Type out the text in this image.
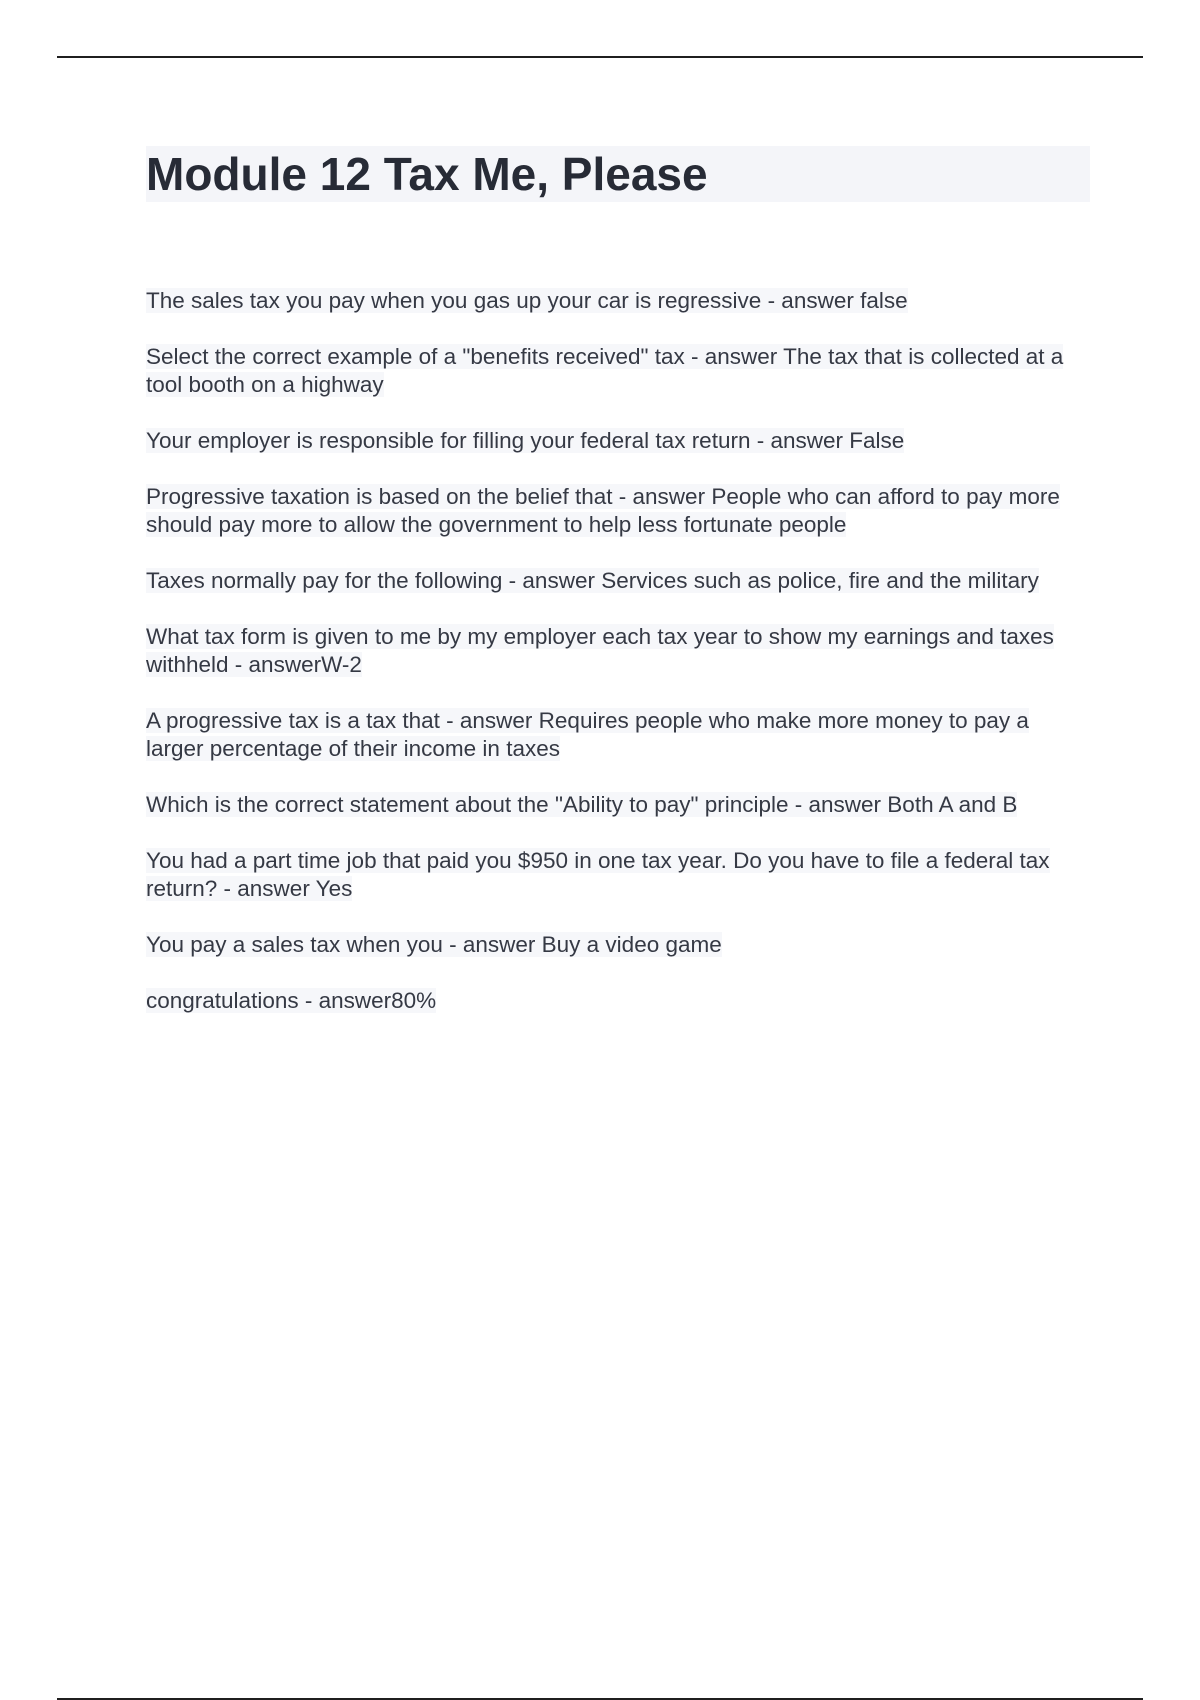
Module 12 Tax Me, Please

The sales tax you pay when you gas up your car is regressive - answer false

Select the correct example of a "benefits received" tax - answer The tax that is collected at a tool booth on a highway

Your employer is responsible for filling your federal tax return - answer False

Progressive taxation is based on the belief that - answer People who can afford to pay more should pay more to allow the government to help less fortunate people

Taxes normally pay for the following - answer Services such as police, fire and the military

What tax form is given to me by my employer each tax year to show my earnings and taxes withheld - answerW-2

A progressive tax is a tax that - answer Requires people who make more money to pay a larger percentage of their income in taxes

Which is the correct statement about the "Ability to pay" principle - answer Both A and B

You had a part time job that paid you $950 in one tax year. Do you have to file a federal tax return? - answer Yes

You pay a sales tax when you - answer Buy a video game

congratulations - answer80%
